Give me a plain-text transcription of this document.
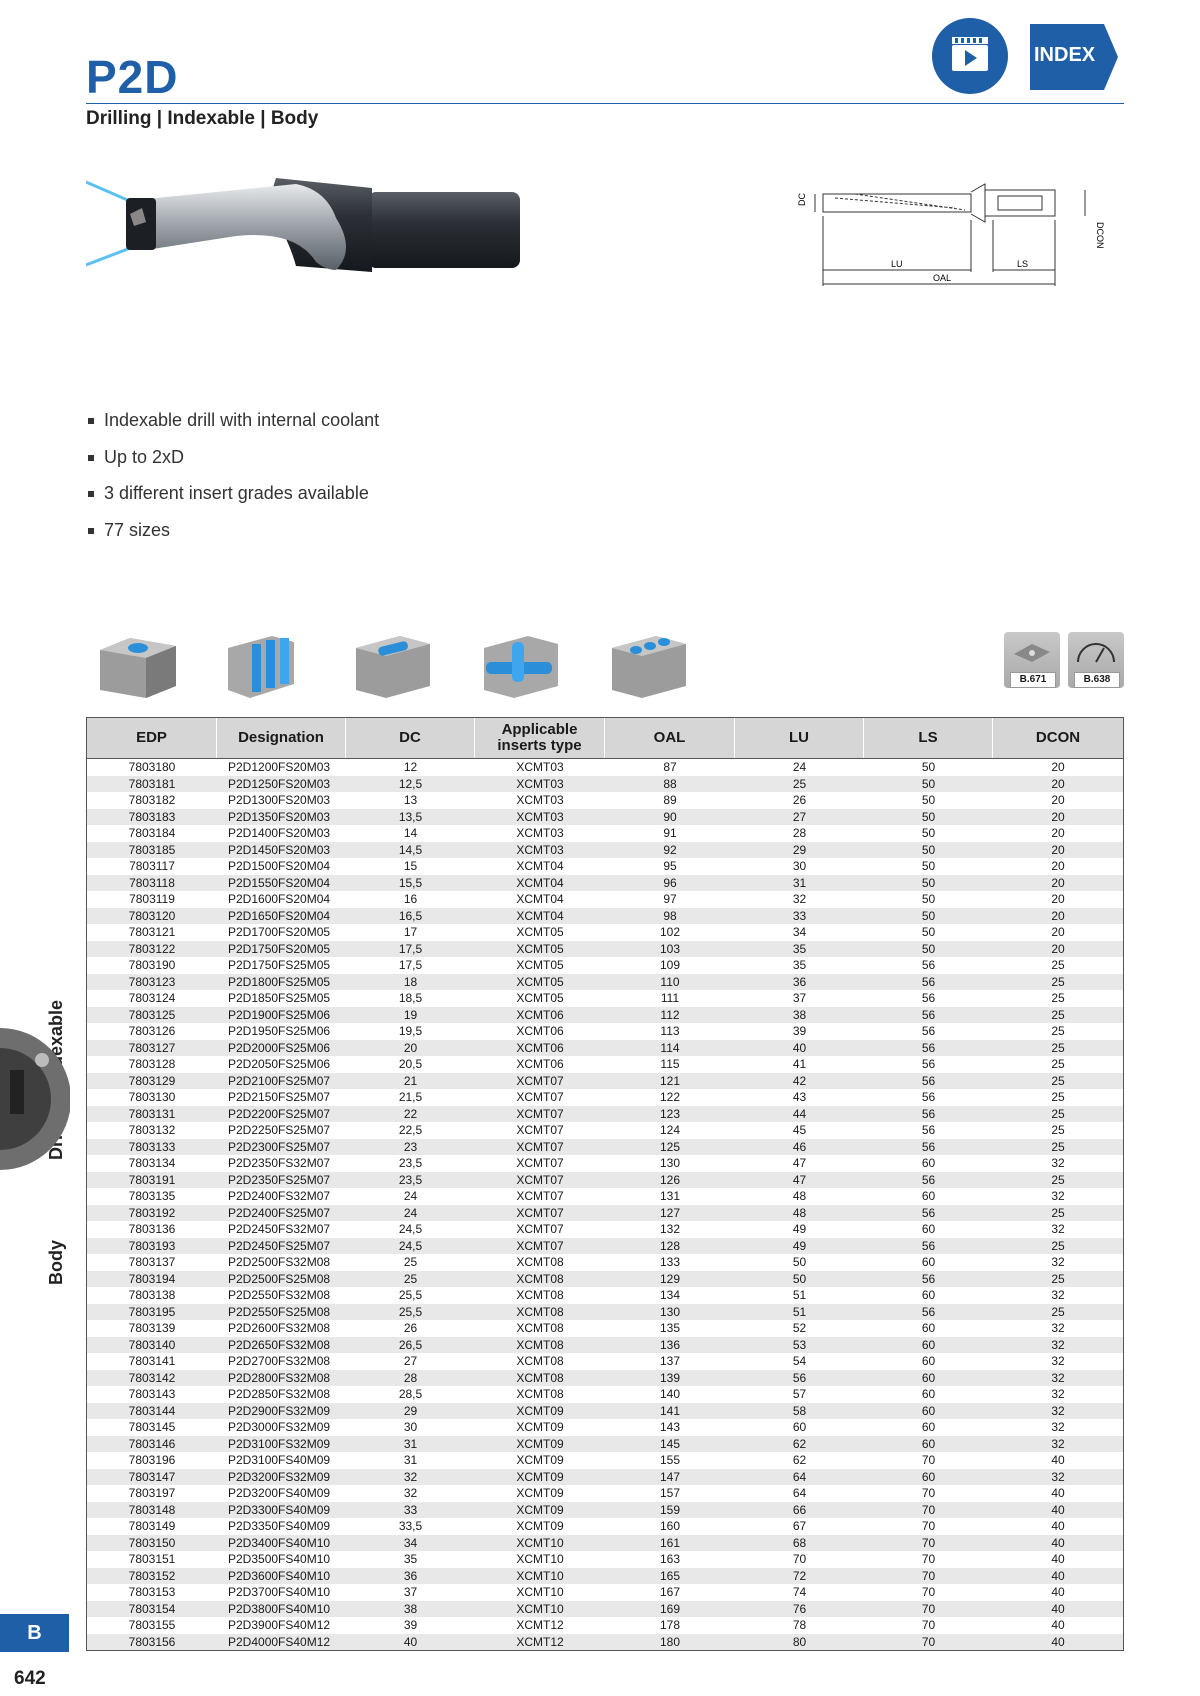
P2D
Drilling | Indexable | Body
INDEX
DC
DCON
LU	LS
OAL
Indexable drill with internal coolant
Up to 2xD
3 different insert grades available
77 sizes
B.671	B.638
EDP	Designation	DC	Applicable inserts type	OAL	LU	LS	DCON
7803180	P2D1200FS20M03	12	XCMT03	87	24	50	20
7803181	P2D1250FS20M03	12,5	XCMT03	88	25	50	20
7803182	P2D1300FS20M03	13	XCMT03	89	26	50	20
7803183	P2D1350FS20M03	13,5	XCMT03	90	27	50	20
7803184	P2D1400FS20M03	14	XCMT03	91	28	50	20
7803185	P2D1450FS20M03	14,5	XCMT03	92	29	50	20
7803117	P2D1500FS20M04	15	XCMT04	95	30	50	20
7803118	P2D1550FS20M04	15,5	XCMT04	96	31	50	20
7803119	P2D1600FS20M04	16	XCMT04	97	32	50	20
7803120	P2D1650FS20M04	16,5	XCMT04	98	33	50	20
7803121	P2D1700FS20M05	17	XCMT05	102	34	50	20
7803122	P2D1750FS20M05	17,5	XCMT05	103	35	50	20
7803190	P2D1750FS25M05	17,5	XCMT05	109	35	56	25
7803123	P2D1800FS25M05	18	XCMT05	110	36	56	25
7803124	P2D1850FS25M05	18,5	XCMT05	111	37	56	25
7803125	P2D1900FS25M06	19	XCMT06	112	38	56	25
7803126	P2D1950FS25M06	19,5	XCMT06	113	39	56	25
7803127	P2D2000FS25M06	20	XCMT06	114	40	56	25
7803128	P2D2050FS25M06	20,5	XCMT06	115	41	56	25
7803129	P2D2100FS25M07	21	XCMT07	121	42	56	25
7803130	P2D2150FS25M07	21,5	XCMT07	122	43	56	25
7803131	P2D2200FS25M07	22	XCMT07	123	44	56	25
7803132	P2D2250FS25M07	22,5	XCMT07	124	45	56	25
7803133	P2D2300FS25M07	23	XCMT07	125	46	56	25
7803134	P2D2350FS32M07	23,5	XCMT07	130	47	60	32
7803191	P2D2350FS25M07	23,5	XCMT07	126	47	56	25
7803135	P2D2400FS32M07	24	XCMT07	131	48	60	32
7803192	P2D2400FS25M07	24	XCMT07	127	48	56	25
7803136	P2D2450FS32M07	24,5	XCMT07	132	49	60	32
7803193	P2D2450FS25M07	24,5	XCMT07	128	49	56	25
7803137	P2D2500FS32M08	25	XCMT08	133	50	60	32
7803194	P2D2500FS25M08	25	XCMT08	129	50	56	25
7803138	P2D2550FS32M08	25,5	XCMT08	134	51	60	32
7803195	P2D2550FS25M08	25,5	XCMT08	130	51	56	25
7803139	P2D2600FS32M08	26	XCMT08	135	52	60	32
7803140	P2D2650FS32M08	26,5	XCMT08	136	53	60	32
7803141	P2D2700FS32M08	27	XCMT08	137	54	60	32
7803142	P2D2800FS32M08	28	XCMT08	139	56	60	32
7803143	P2D2850FS32M08	28,5	XCMT08	140	57	60	32
7803144	P2D2900FS32M09	29	XCMT09	141	58	60	32
7803145	P2D3000FS32M09	30	XCMT09	143	60	60	32
7803146	P2D3100FS32M09	31	XCMT09	145	62	60	32
7803196	P2D3100FS40M09	31	XCMT09	155	62	70	40
7803147	P2D3200FS32M09	32	XCMT09	147	64	60	32
7803197	P2D3200FS40M09	32	XCMT09	157	64	70	40
7803148	P2D3300FS40M09	33	XCMT09	159	66	70	40
7803149	P2D3350FS40M09	33,5	XCMT09	160	67	70	40
7803150	P2D3400FS40M10	34	XCMT10	161	68	70	40
7803151	P2D3500FS40M10	35	XCMT10	163	70	70	40
7803152	P2D3600FS40M10	36	XCMT10	165	72	70	40
7803153	P2D3700FS40M10	37	XCMT10	167	74	70	40
7803154	P2D3800FS40M10	38	XCMT10	169	76	70	40
7803155	P2D3900FS40M12	39	XCMT12	178	78	70	40
7803156	P2D4000FS40M12	40	XCMT12	180	80	70	40
Body
B
642
